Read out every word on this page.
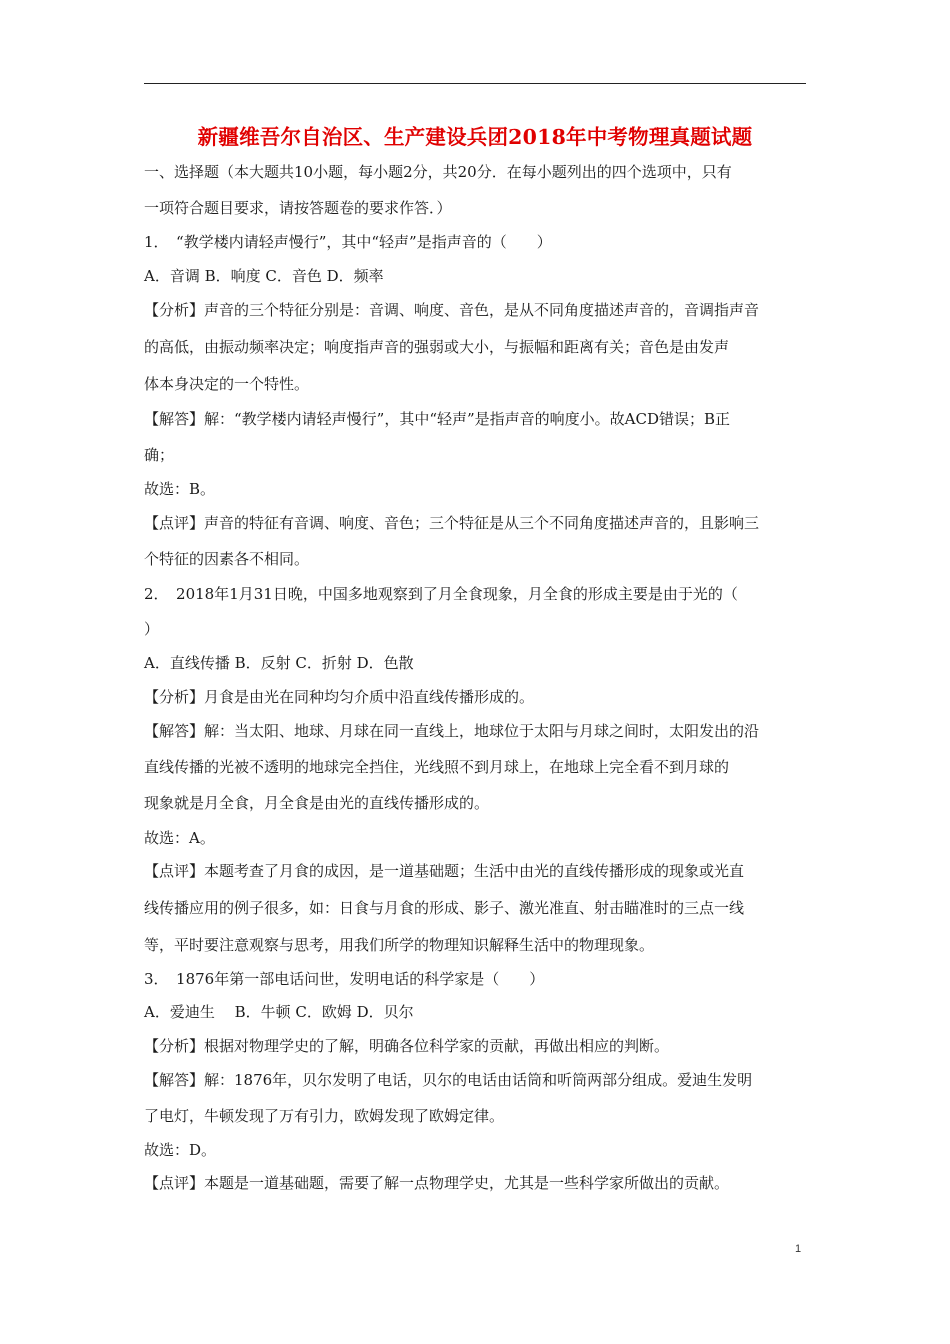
新疆维吾尔自治区、生产建设兵团2018年中考物理真题试题
一、选择题（本大题共10小题，每小题2分，共20分．在每小题列出的四个选项中，只有
一项符合题目要求，请按答题卷的要求作答．）
1．　“教学楼内请轻声慢行”，其中“轻声”是指声音的（　　）
A．音调 B．响度 C．音色 D．频率
【分析】声音的三个特征分别是：音调、响度、音色，是从不同角度描述声音的，音调指声音
的高低，由振动频率决定；响度指声音的强弱或大小，与振幅和距离有关；音色是由发声
体本身决定的一个特性。
【解答】解：“教学楼内请轻声慢行”，其中“轻声”是指声音的响度小。故ACD错误；B正
确；
故选：B。
【点评】声音的特征有音调、响度、音色；三个特征是从三个不同角度描述声音的，且影响三
个特征的因素各不相同。
2．　2018年1月31日晚，中国多地观察到了月全食现象，月全食的形成主要是由于光的（
）
A．直线传播 B．反射 C．折射 D．色散
【分析】月食是由光在同种均匀介质中沿直线传播形成的。
【解答】解：当太阳、地球、月球在同一直线上，地球位于太阳与月球之间时，太阳发出的沿
直线传播的光被不透明的地球完全挡住，光线照不到月球上，在地球上完全看不到月球的
现象就是月全食，月全食是由光的直线传播形成的。
故选：A。
【点评】本题考查了月食的成因，是一道基础题；生活中由光的直线传播形成的现象或光直
线传播应用的例子很多，如：日食与月食的形成、影子、激光准直、射击瞄准时的三点一线
等，平时要注意观察与思考，用我们所学的物理知识解释生活中的物理现象。
3．　1876年第一部电话问世，发明电话的科学家是（　　）
A．爱迪生　 B．牛顿 C．欧姆 D．贝尔
【分析】根据对物理学史的了解，明确各位科学家的贡献，再做出相应的判断。
【解答】解：1876年，贝尔发明了电话，贝尔的电话由话筒和听筒两部分组成。爱迪生发明
了电灯，牛顿发现了万有引力，欧姆发现了欧姆定律。
故选：D。
【点评】本题是一道基础题，需要了解一点物理学史，尤其是一些科学家所做出的贡献。
1
